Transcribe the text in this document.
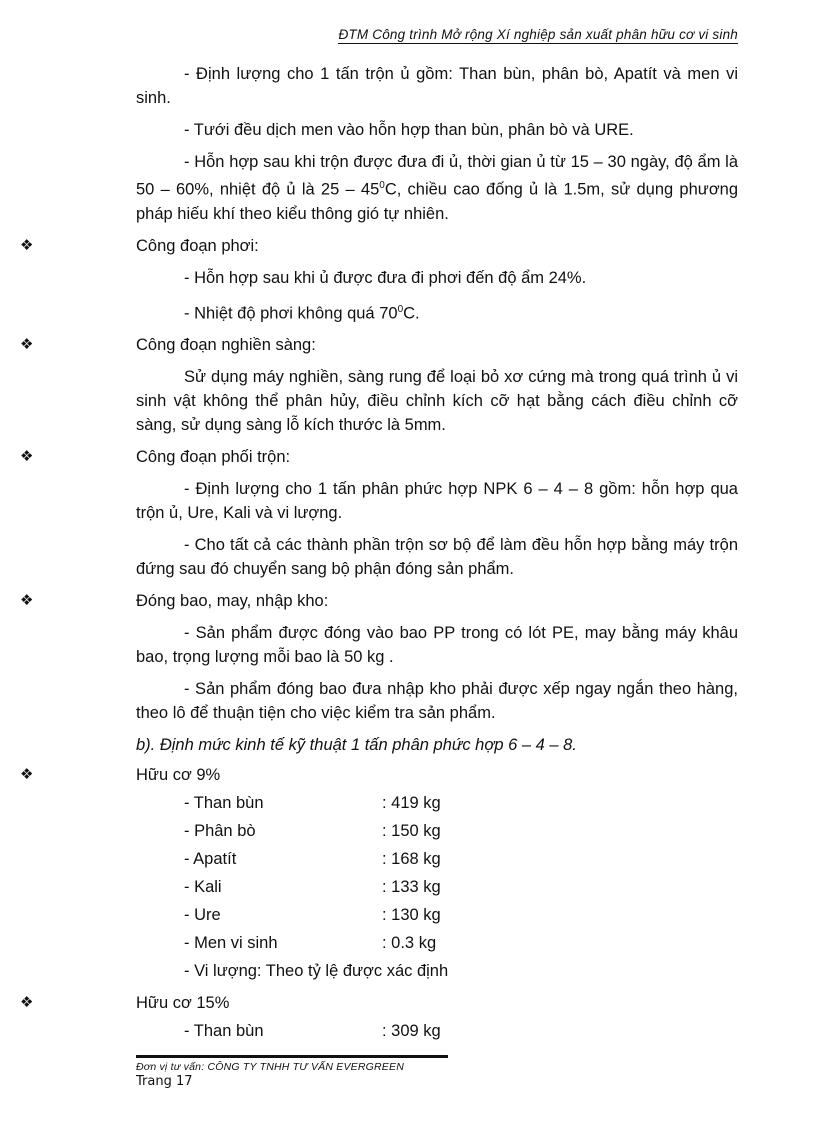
ĐTM Công trình Mở rộng Xí nghiệp sản xuất phân hữu cơ vi sinh

- Định lượng cho 1 tấn trộn ủ gồm: Than bùn, phân bò, Apatít và men vi sinh.

- Tưới đều dịch men vào hỗn hợp than bùn, phân bò và URE.

- Hỗn hợp sau khi trộn được đưa đi ủ, thời gian ủ từ 15 – 30 ngày, độ ẩm là 50 – 60%, nhiệt độ ủ là $25 - 45^0C$, chiều cao đống ủ là 1.5m, sử dụng phương pháp hiếu khí theo kiểu thông gió tự nhiên.

❖	Công đoạn phơi:

- Hỗn hợp sau khi ủ được đưa đi phơi đến độ ẩm 24%.

- Nhiệt độ phơi không quá $70^0C$.

❖	Công đoạn nghiền sàng:

Sử dụng máy nghiền, sàng rung để loại bỏ xơ cứng mà trong quá trình ủ vi sinh vật không thể phân hủy, điều chỉnh kích cỡ hạt bằng cách điều chỉnh cỡ sàng, sử dụng sàng lỗ kích thước là 5mm.

❖	Công đoạn phối trộn:

- Định lượng cho 1 tấn phân phức hợp NPK 6 – 4 – 8 gồm: hỗn hợp qua trộn ủ, Ure, Kali và vi lượng.

- Cho tất cả các thành phần trộn sơ bộ để làm đều hỗn hợp bằng máy trộn đứng sau đó chuyển sang bộ phận đóng sản phẩm.

❖	Đóng bao, may, nhập kho:

- Sản phẩm được đóng vào bao PP trong có lót PE, may bằng máy khâu bao, trọng lượng mỗi bao là 50 kg .

- Sản phẩm đóng bao đưa nhập kho phải được xếp ngay ngắn theo hàng, theo lô để thuận tiện cho việc kiểm tra sản phẩm.

b). Định mức kinh tế kỹ thuật 1 tấn phân phức hợp 6 – 4 – 8.

❖	Hữu cơ 9%
- Than bùn	: 419 kg
- Phân bò	: 150 kg
- Apatít	: 168 kg
- Kali	: 133 kg
- Ure	: 130 kg
- Men vi sinh	: 0.3 kg
- Vi lượng: Theo tỷ lệ được xác định
❖	Hữu cơ 15%
- Than bùn	: 309 kg
Đơn vị tư vấn: CÔNG TY TNHH TƯ VẤN EVERGREEN
Trang 17
